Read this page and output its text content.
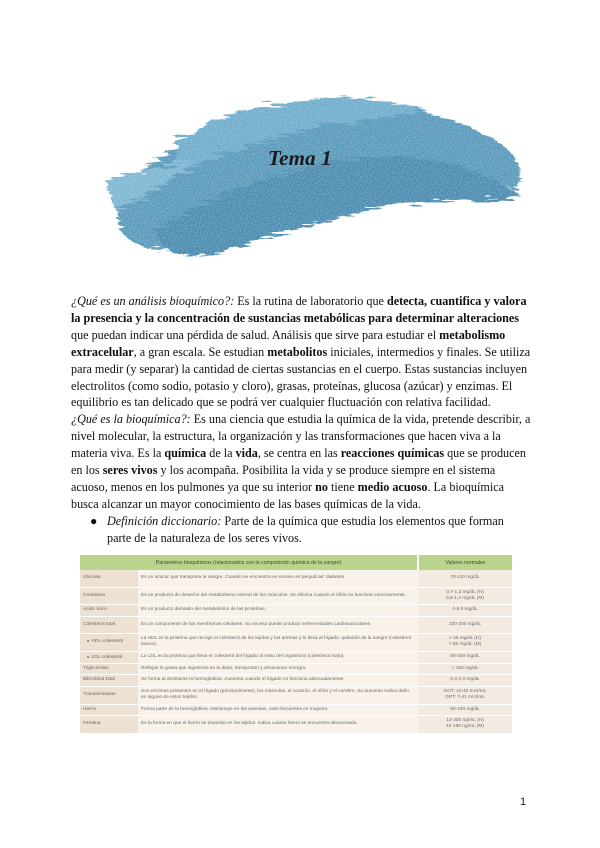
Tema 1

¿Qué es un análisis bioquímico?: Es la rutina de laboratorio que detecta, cuantifica y valora la presencia y la concentración de sustancias metabólicas para determinar alteraciones que puedan indicar una pérdida de salud. Análisis que sirve para estudiar el metabolismo extracelular, a gran escala. Se estudian metabolitos iniciales, intermedios y finales. Se utiliza para medir (y separar) la cantidad de ciertas sustancias en el cuerpo. Estas sustancias incluyen electrolitos (como sodio, potasio y cloro), grasas, proteínas, glucosa (azúcar) y enzimas. El equilibrio es tan delicado que se podrá ver cualquier fluctuación con relativa facilidad.

¿Qué es la bioquímica?: Es una ciencia que estudia la química de la vida, pretende describir, a nivel molecular, la estructura, la organización y las transformaciones que hacen viva a la materia viva. Es la química de la vida, se centra en las reacciones químicas que se producen en los seres vivos y los acompaña. Posibilita la vida y se produce siempre en el sistema acuoso, menos en los pulmones ya que su interior no tiene medio acuoso. La bioquímica busca alcanzar un mayor conocimiento de las bases químicas de la vida.

● Definición diccionario: Parte de la química que estudia los elementos que forman parte de la naturaleza de los seres vivos.

Parámetros bioquímicos (relacionados con la composición química de la sangre)		Valores normales
Glucosa	Es un azúcar que transporta la sangre. Cuando se encuentra en exceso es perjudicial: diabetes.	70-110 mg/dL
Creatinina	Es un producto de desecho del metabolismo normal de los músculos. Se elimina cuando el riñón no funciona correctamente.	0,7-1,3 mg/dL (H)
0,6-1,2 mg/dL (M)
Ácido úrico	Es un producto derivado del metabolismo de las proteínas.	4-8,5 mg/dL
Colesterol total	Es un componente de las membranas celulares. Su exceso puede producir enfermedades cardiovasculares.	100-200 mg/dL
■ HDL-colesterol	La HDL es la proteína que recoge el colesterol de los tejidos y las arterias y lo lleva al hígado, quitando de la sangre (colesterol bueno).	> 45 mg/dL (H)
> 55 mg/dL (M)
■ LDL-colesterol	La LDL es la proteína que lleva el colesterol del hígado al resto del organismo (colesterol malo).	60-160 mg/dL
Triglicéridos	Reflejan la grasa que ingerimos en la dieta, transportan y almacenan energía.	< 150 mg/dL
Bilirrubina total	Se forma al destruirse la hemoglobina. Aumenta cuando el hígado no funciona adecuadamente.	0,3-1,0 mg/dL
Transaminasas	Son enzimas presentes en el hígado (principalmente), los músculos, el corazón, el riñón y el cerebro. Su aumento indica daño en alguno de estos tejidos.	GOT: 10-40 mUI/mL
GPT: 7-41 mUI/mL
Hierro	Forma parte de la hemoglobina. Disminuye en las anemias, más frecuentes en mujeres.	50-160 mg/dL
Ferritina	Es la forma en que el hierro se deposita en los tejidos. Indica cuánto hierro se encuentra almacenado.	12-300 ng/mL (H)
10-150 ng/mL (M)
1
